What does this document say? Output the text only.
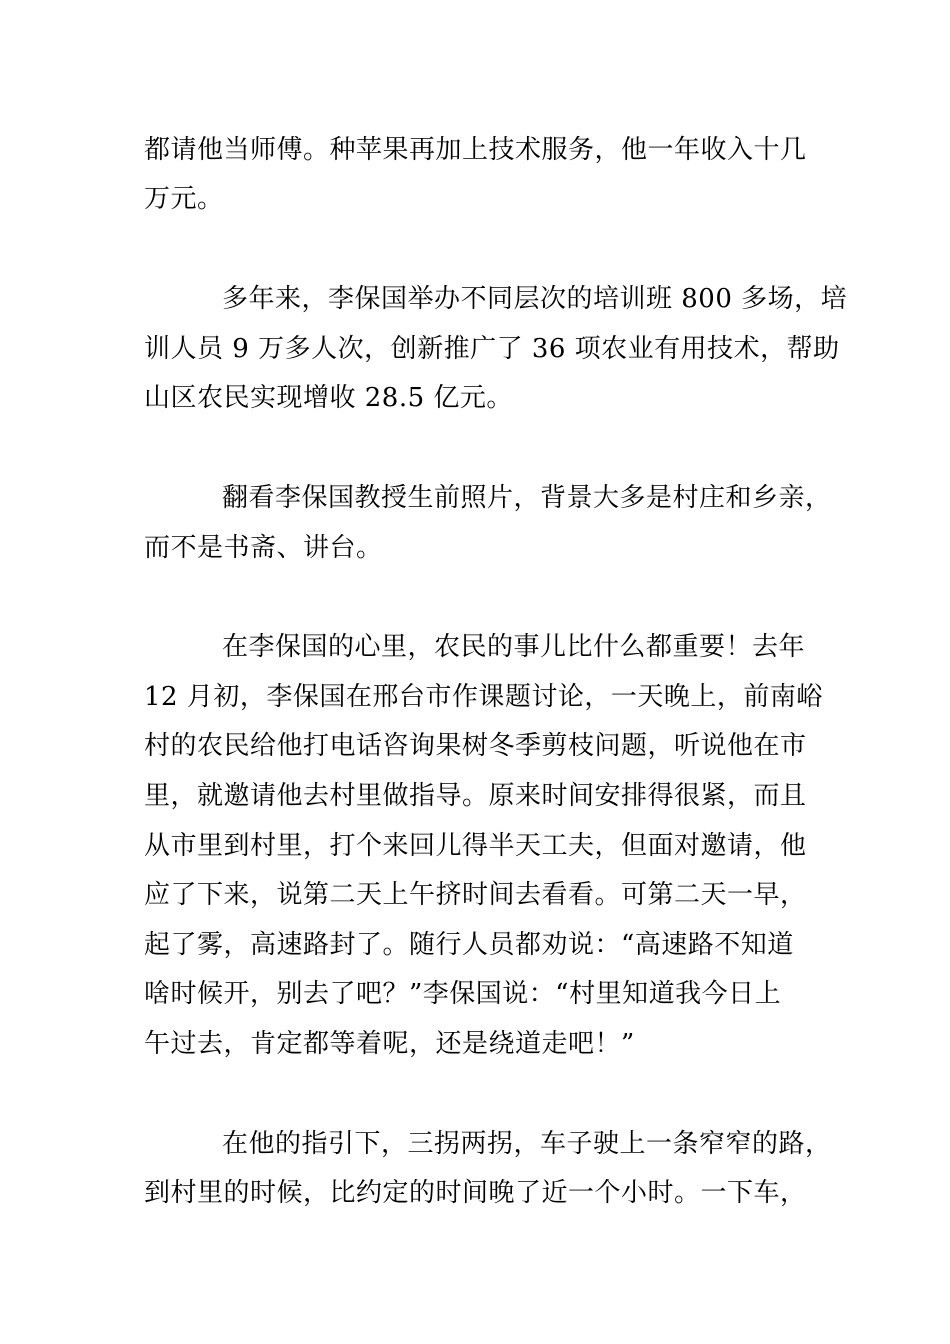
都请他当师傅。种苹果再加上技术服务，他一年收入十几
万元。
多年来，李保国举办不同层次的培训班 800 多场，培
训人员 9 万多人次，创新推广了 36 项农业有用技术，帮助
山区农民实现增收 28.5 亿元。
翻看李保国教授生前照片，背景大多是村庄和乡亲，
而不是书斋、讲台。
在李保国的心里，农民的事儿比什么都重要！去年
12 月初，李保国在邢台市作课题讨论，一天晚上，前南峪
村的农民给他打电话咨询果树冬季剪枝问题，听说他在市
里，就邀请他去村里做指导。原来时间安排得很紧，而且
从市里到村里，打个来回儿得半天工夫，但面对邀请，他
应了下来，说第二天上午挤时间去看看。可第二天一早，
起了雾，高速路封了。随行人员都劝说：“高速路不知道
啥时候开，别去了吧？”李保国说：“村里知道我今日上
午过去，肯定都等着呢，还是绕道走吧！”
在他的指引下，三拐两拐，车子驶上一条窄窄的路，
到村里的时候，比约定的时间晚了近一个小时。一下车，
